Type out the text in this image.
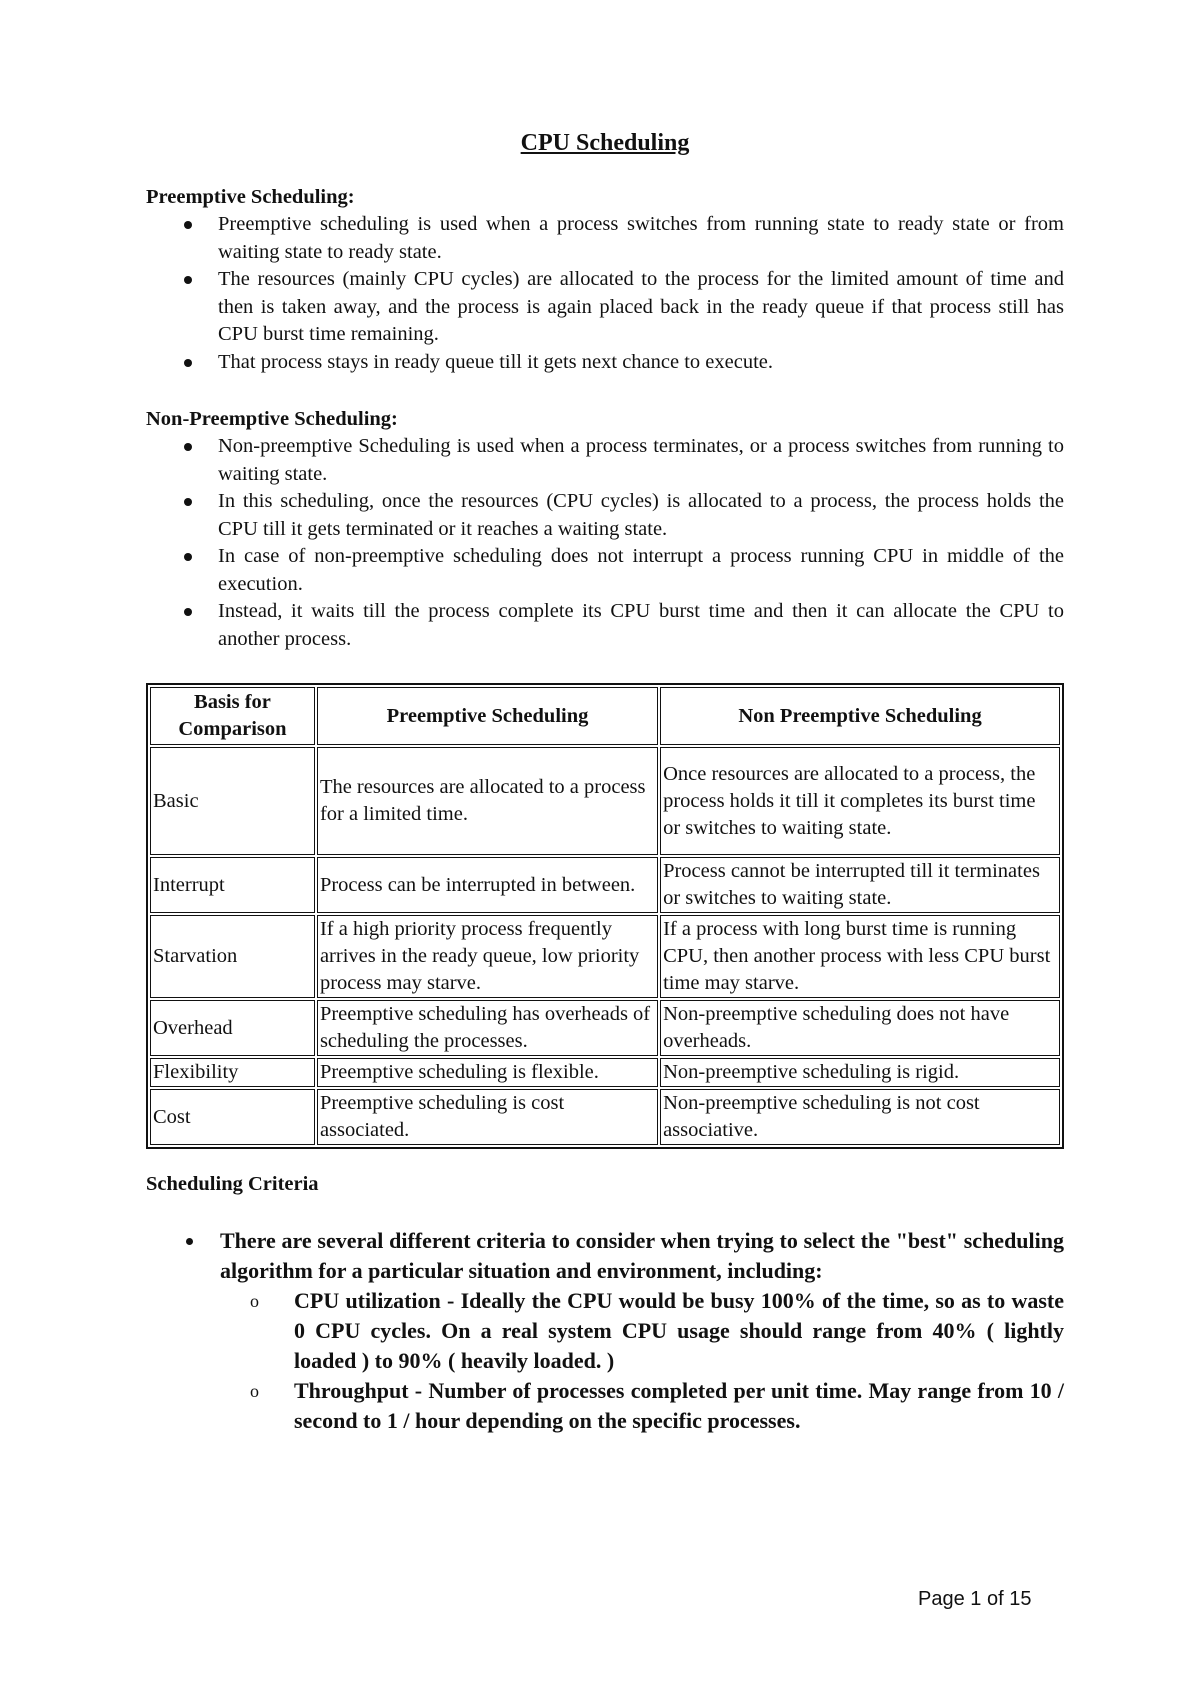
CPU Scheduling

Preemptive Scheduling:

Preemptive scheduling is used when a process switches from running state to ready state or from waiting state to ready state.
The resources (mainly CPU cycles) are allocated to the process for the limited amount of time and then is taken away, and the process is again placed back in the ready queue if that process still has CPU burst time remaining.
That process stays in ready queue till it gets next chance to execute.

Non-Preemptive Scheduling:

Non-preemptive Scheduling is used when a process terminates, or a process switches from running to waiting state.
In this scheduling, once the resources (CPU cycles) is allocated to a process, the process holds the CPU till it gets terminated or it reaches a waiting state.
In case of non-preemptive scheduling does not interrupt a process running CPU in middle of the execution.
Instead, it waits till the process complete its CPU burst time and then it can allocate the CPU to another process.
Basis for Comparison	Preemptive Scheduling	Non Preemptive Scheduling
Basic	The resources are allocated to a process for a limited time.	Once resources are allocated to a process, the process holds it till it completes its burst time or switches to waiting state.
Interrupt	Process can be interrupted in between.	Process cannot be interrupted till it terminates or switches to waiting state.
Starvation	If a high priority process frequently arrives in the ready queue, low priority process may starve.	If a process with long burst time is running CPU, then another process with less CPU burst time may starve.
Overhead	Preemptive scheduling has overheads of scheduling the processes.	Non-preemptive scheduling does not have overheads.
Flexibility	Preemptive scheduling is flexible.	Non-preemptive scheduling is rigid.
Cost	Preemptive scheduling is cost associated.	Non-preemptive scheduling is not cost associative.

Scheduling Criteria

There are several different criteria to consider when trying to select the "best" scheduling algorithm for a particular situation and environment, including:
o CPU utilization - Ideally the CPU would be busy 100% of the time, so as to waste 0 CPU cycles. On a real system CPU usage should range from 40% ( lightly loaded ) to 90% ( heavily loaded. )
o Throughput - Number of processes completed per unit time. May range from 10 / second to 1 / hour depending on the specific processes.
Page 1 of 15
